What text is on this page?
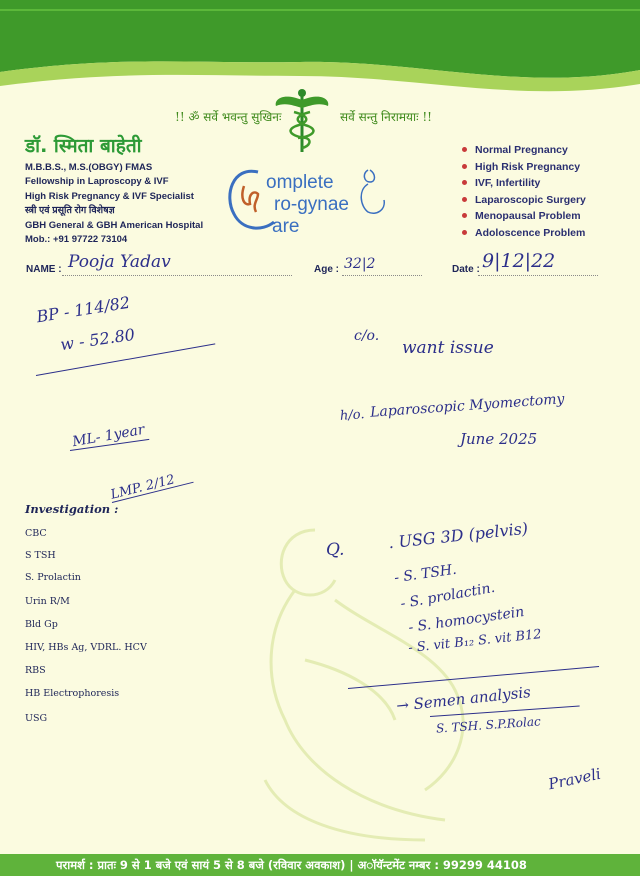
!! ॐ सर्वे भवन्तु सुखिनः	सर्वे सन्तु निरामयाः !!
डॉ. स्मिता बाहेती
M.B.B.S., M.S.(OBGY) FMAS
Fellowship in Laproscopy & IVF
High Risk Pregnancy & IVF Specialist
स्त्री एवं प्रसूति रोग विशेषज्ञ
GBH General & GBH American Hospital
Mob.: +91 97722 73104
omplete
ro-gynae
are
Normal Pregnancy
High Risk Pregnancy
IVF, Infertility
Laparoscopic Surgery
Menopausal Problem
Adoloscence Problem
NAME : Pooja Yadav	Age : 32|2	Date : 9|12|22
BP - 114/82
w - 52.80
ML- 1year
LMP. 2/12
c/o.
want issue
h/o. Laparoscopic Myomectomy
June 2025
Investigation :
CBC
S TSH
S. Prolactin
Urin R/M
Bld Gp
HIV, HBs Ag, VDRL. HCV
RBS
HB Electrophoresis
USG
Q.	. USG 3D (pelvis)
- S. TSH.
- S. prolactin.
- S. homocystein
- S. vit B₁₂ S. vit B12
→ Semen analysis
S. TSH. S.P.Rolac
Praveli
परामर्श : प्रातः 9 से 1 बजे एवं सायं 5 से 8 बजे (रविवार अवकाश) | अॉयॅन्टमेंट नम्बर : 99299 44108
